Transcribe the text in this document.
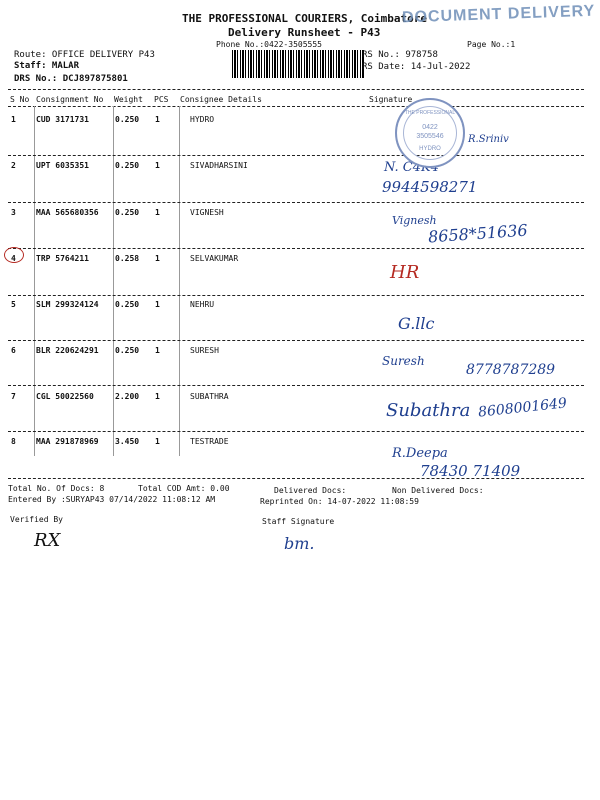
THE PROFESSIONAL COURIERS, Coimbatore
DOCUMENT DELIVERY
Delivery Runsheet - P43
Phone No.:0422-3505555	Page No.:1
Route: OFFICE DELIVERY P43
Staff: MALAR
DRS No.: DCJ897875801
RS No.: 978758
RS Date: 14-Jul-2022
S No Consignment No Weight PCS Consignee Details	Signature
1	CUD 3171731	0.250 1	HYDRO
R.Sriniv
2	UPT 6035351	0.250 1	SIVADHARSINI	N. C4K4
9944598271
3	MAA 565680356 0.250 1	VIGNESH
Vignesh
8658*51636
4	TRP 5764211	0.258 1	SELVAKUMAR
HR
5	SLM 299324124 0.250 1	NEHRU
G.llc
6	BLR 220624291 0.250 1	SURESH
Suresh
8778787289
7	CGL 50022560	2.200 1	SUBATHRA
Subathra 8608001649
8	MAA 291878969 3.450 1	TESTRADE
R.Deepa
78430 71409
THE PROFESSIONAL
0422
3505546
HYDRO
Total No. Of Docs: 8	Total COD Amt: 0.00	Delivered Docs:	Non Delivered Docs:
Entered By :SURYAP43 07/14/2022 11:08:12 AM	Reprinted On: 14-07-2022 11:08:59
Verified By	Staff Signature
RX	bm.
